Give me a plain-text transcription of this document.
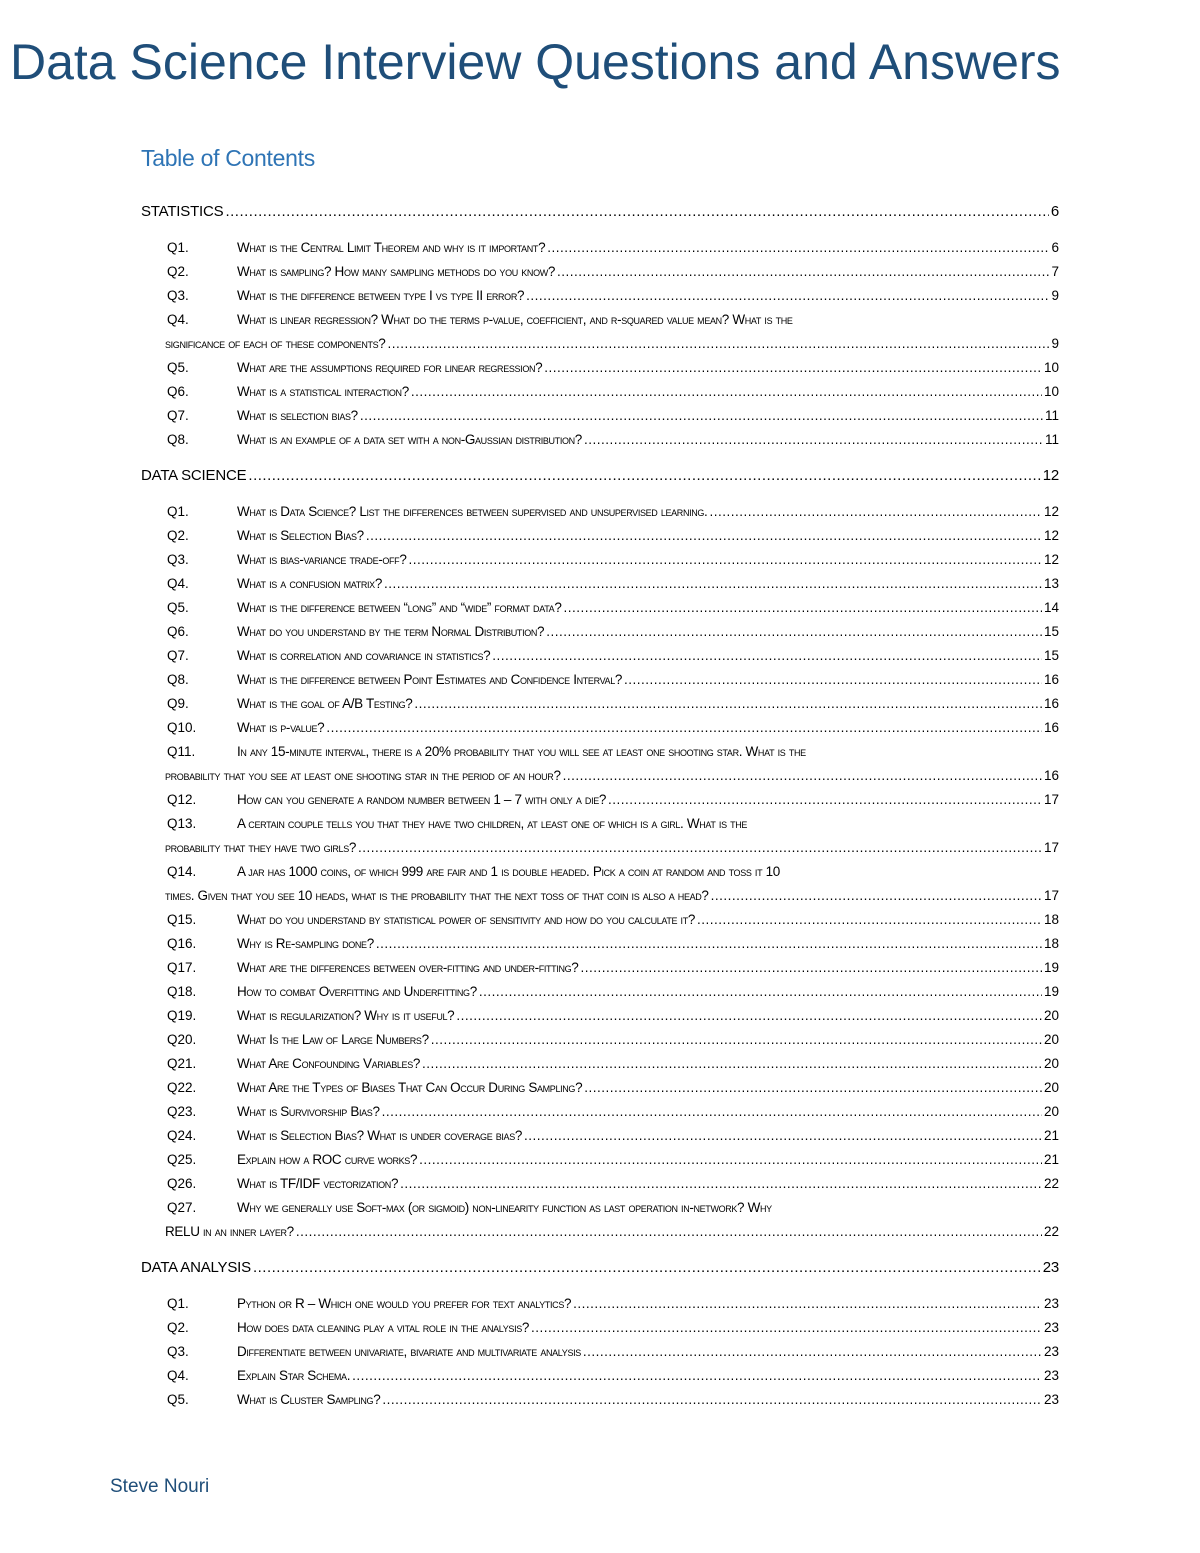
Data Science Interview Questions and Answers
Table of Contents
STATISTICS .....	6
Q1.	What is the Central Limit Theorem and why is it important? .....	6
Q2.	What is sampling? How many sampling methods do you know? .....	7
Q3.	What is the difference between type I vs type II error? .....	9
Q4.	What is linear regression? What do the terms p-value, coefficient, and r-squared value mean? What is the
significance of each of these components? .....	9
Q5.	What are the assumptions required for linear regression? .....	10
Q6.	What is a statistical interaction? .....	10
Q7.	What is selection bias? .....	11
Q8.	What is an example of a data set with a non-Gaussian distribution? .....	11
DATA SCIENCE .....	12
Q1.	What is Data Science? List the differences between supervised and unsupervised learning. .....	12
Q2.	What is Selection Bias? .....	12
Q3.	What is bias-variance trade-off? .....	12
Q4.	What is a confusion matrix? .....	13
Q5.	What is the difference between “long” and “wide” format data? .....	14
Q6.	What do you understand by the term Normal Distribution? .....	15
Q7.	What is correlation and covariance in statistics? .....	15
Q8.	What is the difference between Point Estimates and Confidence Interval? .....	16
Q9.	What is the goal of A/B Testing? .....	16
Q10.	What is p-value? .....	16
Q11.	In any 15-minute interval, there is a 20% probability that you will see at least one shooting star. What is the
probability that you see at least one shooting star in the period of an hour? .....	16
Q12.	How can you generate a random number between 1 – 7 with only a die? .....	17
Q13.	A certain couple tells you that they have two children, at least one of which is a girl. What is the
probability that they have two girls? .....	17
Q14.	A jar has 1000 coins, of which 999 are fair and 1 is double headed. Pick a coin at random and toss it 10
times. Given that you see 10 heads, what is the probability that the next toss of that coin is also a head? .....	17
Q15.	What do you understand by statistical power of sensitivity and how do you calculate it? .....	18
Q16.	Why is Re-sampling done? .....	18
Q17.	What are the differences between over-fitting and under-fitting? .....	19
Q18.	How to combat Overfitting and Underfitting? .....	19
Q19.	What is regularization? Why is it useful? .....	20
Q20.	What Is the Law of Large Numbers? .....	20
Q21.	What Are Confounding Variables? .....	20
Q22.	What Are the Types of Biases That Can Occur During Sampling? .....	20
Q23.	What is Survivorship Bias? .....	20
Q24.	What is Selection Bias? What is under coverage bias? .....	21
Q25.	Explain how a ROC curve works? .....	21
Q26.	What is TF/IDF vectorization? .....	22
Q27.	Why we generally use Soft-max (or sigmoid) non-linearity function as last operation in-network? Why
RELU in an inner layer? .....	22
DATA ANALYSIS .....	23
Q1.	Python or R – Which one would you prefer for text analytics? .....	23
Q2.	How does data cleaning play a vital role in the analysis? .....	23
Q3.	Differentiate between univariate, bivariate and multivariate analysis .....	23
Q4.	Explain Star Schema. .....	23
Q5.	What is Cluster Sampling? .....	23
Steve Nouri
